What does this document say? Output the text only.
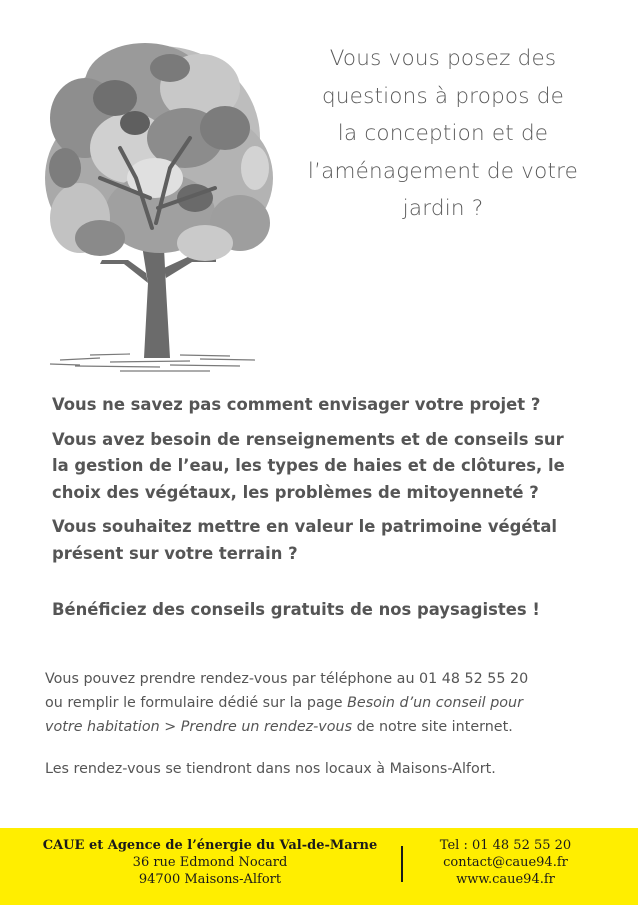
Vous vous posez des
questions à propos de
la conception et de
l’aménagement de votre
jardin ?

Vous ne savez pas comment envisager votre projet ?

Vous avez besoin de renseignements et de conseils sur
la gestion de l’eau, les types de haies et de clôtures, le
choix des végétaux, les problèmes de mitoyenneté ?

Vous souhaitez mettre en valeur le patrimoine végétal
présent sur votre terrain ?

Bénéficiez des conseils gratuits de nos paysagistes !
Vous pouvez prendre rendez-vous par téléphone au 01 48 52 55 20
ou remplir le formulaire dédié sur la page Besoin d’un conseil pour
votre habitation > Prendre un rendez-vous de notre site internet.
Les rendez-vous se tiendront dans nos locaux à Maisons-Alfort.
CAUE et Agence de l’énergie du Val-de-Marne
36 rue Edmond Nocard
94700 Maisons-Alfort
Tel : 01 48 52 55 20
contact@caue94.fr
www.caue94.fr
